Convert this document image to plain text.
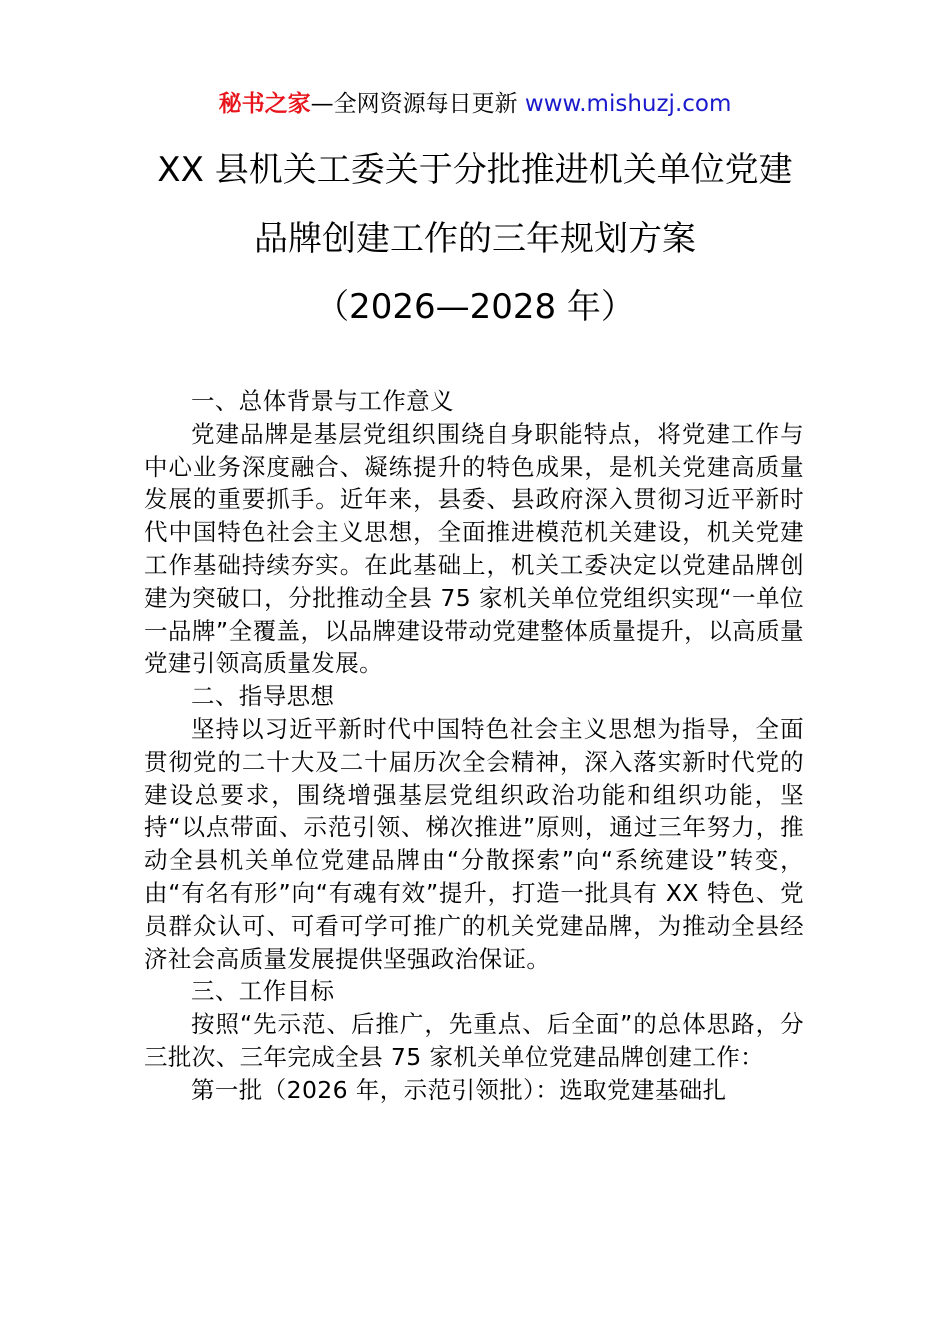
秘书之家—全网资源每日更新 www.mishuzj.com

XX 县机关工委关于分批推进机关单位党建

品牌创建工作的三年规划方案

（2026—2028 年）

一、总体背景与工作意义

党建品牌是基层党组织围绕自身职能特点，将党建工作与中心业务深度融合、凝练提升的特色成果，是机关党建高质量发展的重要抓手。近年来，县委、县政府深入贯彻习近平新时代中国特色社会主义思想，全面推进模范机关建设，机关党建工作基础持续夯实。在此基础上，机关工委决定以党建品牌创建为突破口，分批推动全县 75 家机关单位党组织实现“一单位一品牌”全覆盖，以品牌建设带动党建整体质量提升，以高质量党建引领高质量发展。

二、指导思想

坚持以习近平新时代中国特色社会主义思想为指导，全面贯彻党的二十大及二十届历次全会精神，深入落实新时代党的建设总要求，围绕增强基层党组织政治功能和组织功能，坚持“以点带面、示范引领、梯次推进”原则，通过三年努力，推动全县机关单位党建品牌由“分散探索”向“系统建设”转变，由“有名有形”向“有魂有效”提升，打造一批具有 XX 特色、党员群众认可、可看可学可推广的机关党建品牌，为推动全县经济社会高质量发展提供坚强政治保证。

三、工作目标

按照“先示范、后推广，先重点、后全面”的总体思路，分三批次、三年完成全县 75 家机关单位党建品牌创建工作：

第一批（2026 年，示范引领批）：选取党建基础扎
